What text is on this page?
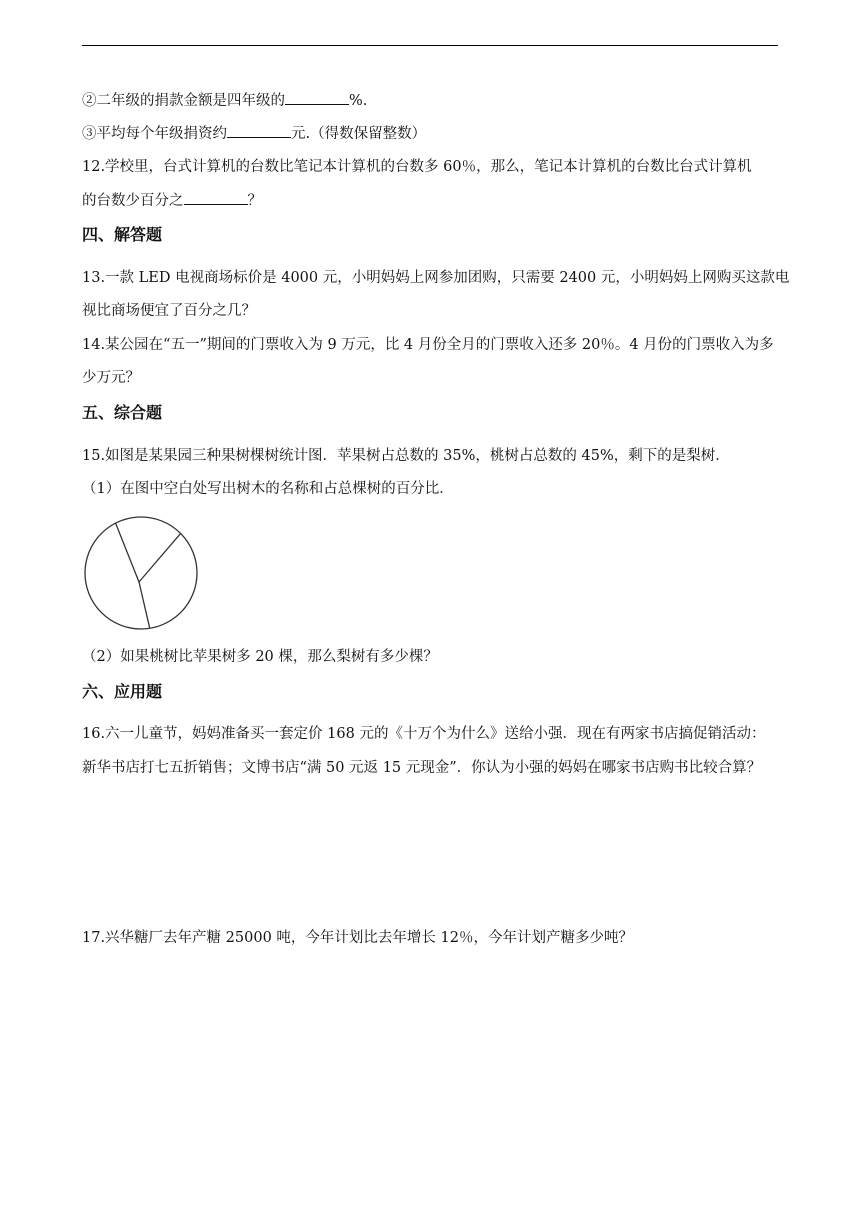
②二年级的捐款金额是四年级的	%.
③平均每个年级捐资约	元.（得数保留整数）
12.学校里，台式计算机的台数比笔记本计算机的台数多 60％，那么，笔记本计算机的台数比台式计算机
的台数少百分之	？
四、解答题
13.一款 LED 电视商场标价是 4000 元，小明妈妈上网参加团购，只需要 2400 元，小明妈妈上网购买这款电
视比商场便宜了百分之几？
14.某公园在“五一”期间的门票收入为 9 万元，比 4 月份全月的门票收入还多 20％。4 月份的门票收入为多
少万元？
五、综合题
15.如图是某果园三种果树棵树统计图．苹果树占总数的 35%，桃树占总数的 45%，剩下的是梨树．
（1）在图中空白处写出树木的名称和占总棵树的百分比．
（2）如果桃树比苹果树多 20 棵，那么梨树有多少棵？
六、应用题
16.六一儿童节，妈妈准备买一套定价 168 元的《十万个为什么》送给小强．现在有两家书店搞促销活动：
新华书店打七五折销售；文博书店“满 50 元返 15 元现金”．你认为小强的妈妈在哪家书店购书比较合算？
17.兴华糖厂去年产糖 25000 吨，今年计划比去年增长 12％，今年计划产糖多少吨？
